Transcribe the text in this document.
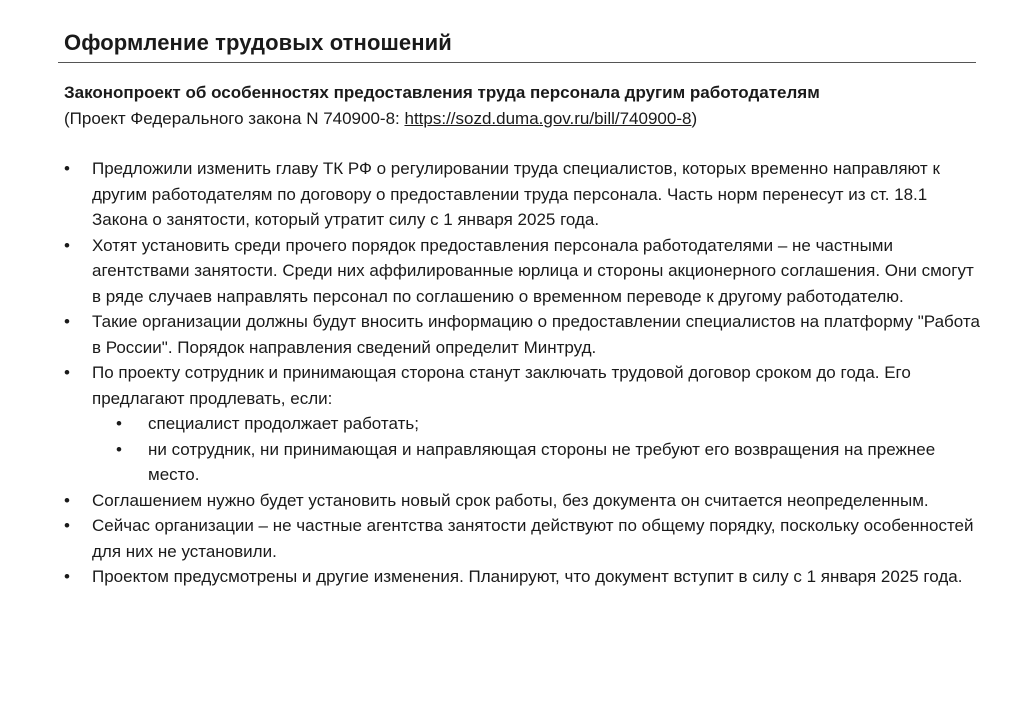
Оформление трудовых отношений

Законопроект об особенностях предоставления труда персонала другим работодателям

(Проект Федерального закона N 740900-8: https://sozd.duma.gov.ru/bill/740900-8)

• Предложили изменить главу ТК РФ о регулировании труда специалистов, которых временно направляют к другим работодателям по договору о предоставлении труда персонала. Часть норм перенесут из ст. 18.1 Закона о занятости, который утратит силу с 1 января 2025 года.
• Хотят установить среди прочего порядок предоставления персонала работодателями – не частными агентствами занятости. Среди них аффилированные юрлица и стороны акционерного соглашения. Они смогут в ряде случаев направлять персонал по соглашению о временном переводе к другому работодателю.
• Такие организации должны будут вносить информацию о предоставлении специалистов на платформу "Работа в России". Порядок направления сведений определит Минтруд.
• По проекту сотрудник и принимающая сторона станут заключать трудовой договор сроком до года. Его предлагают продлевать, если:
• специалист продолжает работать;
• ни сотрудник, ни принимающая и направляющая стороны не требуют его возвращения на прежнее место.
• Соглашением нужно будет установить новый срок работы, без документа он считается неопределенным.
• Сейчас организации – не частные агентства занятости действуют по общему порядку, поскольку особенностей для них не установили.
• Проектом предусмотрены и другие изменения. Планируют, что документ вступит в силу с 1 января 2025 года.
